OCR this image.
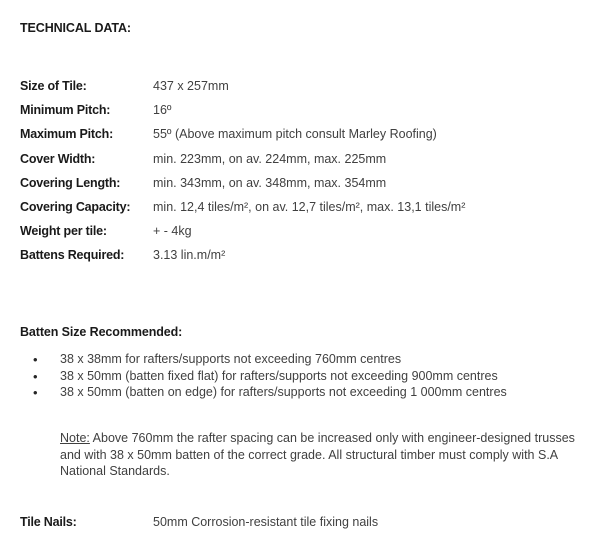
TECHNICAL DATA:
Size of Tile:	437 x 257mm
Minimum Pitch:	16º
Maximum Pitch:	55º (Above maximum pitch consult Marley Roofing)
Cover Width:	min. 223mm, on av. 224mm, max. 225mm
Covering Length:	min. 343mm, on av. 348mm, max. 354mm
Covering Capacity:	min. 12,4 tiles/m², on av. 12,7 tiles/m², max. 13,1 tiles/m²
Weight per tile:	+ - 4kg
Battens Required:	3.13 lin.m/m²
Batten Size Recommended:
• 38 x 38mm for rafters/supports not exceeding 760mm centres
• 38 x 50mm (batten fixed flat) for rafters/supports not exceeding 900mm centres
• 38 x 50mm (batten on edge) for rafters/supports not exceeding 1 000mm centres
Note: Above 760mm the rafter spacing can be increased only with engineer-designed trusses and with 38 x 50mm batten of the correct grade. All structural timber must comply with S.A National Standards.
Tile Nails:	50mm Corrosion-resistant tile fixing nails
